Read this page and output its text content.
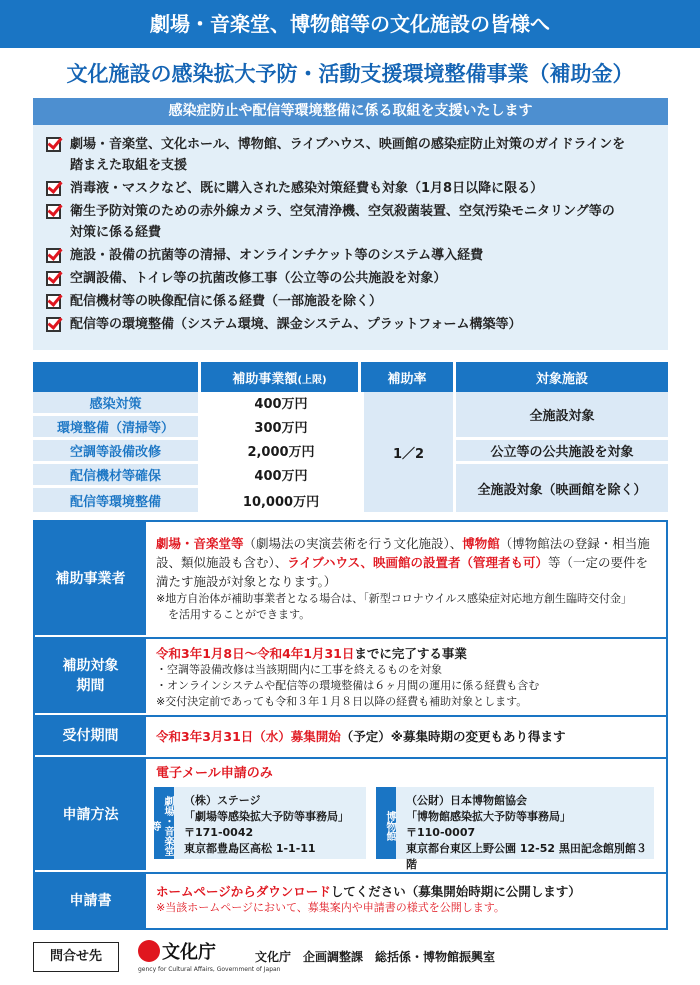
劇場・音楽堂、博物館等の文化施設の皆様へ
文化施設の感染拡大予防・活動支援環境整備事業（補助金）
感染症防止や配信等環境整備に係る取組を支援いたします
劇場・音楽堂、文化ホール、博物館、ライブハウス、映画館の感染症防止対策のガイドラインを
踏まえた取組を支援
消毒液・マスクなど、既に購入された感染対策経費も対象（1月8日以降に限る）
衛生予防対策のための赤外線カメラ、空気清浄機、空気殺菌装置、空気汚染モニタリング等の
対策に係る経費
施設・設備の抗菌等の清掃、オンラインチケット等のシステム導入経費
空調設備、トイレ等の抗菌改修工事（公立等の公共施設を対象）
配信機材等の映像配信に係る経費（一部施設を除く）
配信等の環境整備（システム環境、課金システム、プラットフォーム構築等）
	補助事業額(上限)	補助率	対象施設
感染対策	400万円	1／2	全施設対象
環境整備（清掃等）	300万円		
空調等設備改修	2,000万円		公立等の公共施設を対象
配信機材等確保	400万円		全施設対象（映画館を除く）
配信等環境整備	10,000万円		
補助事業者
劇場・音楽堂等（劇場法の実演芸術を行う文化施設）、博物館（博物館法の登録・相当施
設、類似施設も含む）、ライブハウス、映画館の設置者（管理者も可）等（一定の要件を
満たす施設が対象となります。）
※地方自治体が補助事業者となる場合は、「新型コロナウイルス感染症対応地方創生臨時交付金」
を活用することができます。
補助対象
期間
令和3年1月8日～令和4年1月31日までに完了する事業
・空調等設備改修は当該期間内に工事を終えるものを対象
・オンラインシステムや配信等の環境整備は６ヶ月間の運用に係る経費も含む
※交付決定前であっても令和３年１月８日以降の経費も補助対象とします。
受付期間	令和3年3月31日（水）募集開始（予定）※募集時期の変更もあり得ます
申請方法
電子メール申請のみ
劇場・音楽堂等
（株）ステージ
「劇場等感染拡大予防等事務局」
〒171-0042
東京都豊島区高松 1-1-11
博物館
（公財）日本博物館協会
「博物館感染拡大予防等事務局」
〒110-0007
東京都台東区上野公園 12-52 黒田記念館別館３階
申請書
ホームページからダウンロードしてください（募集開始時期に公開します）
※当該ホームページにおいて、募集案内や申請書の様式を公開します。
問合せ先	文化庁
gency for Cultural Affairs, Government of Japan
文化庁　企画調整課　総括係・博物館振興室
